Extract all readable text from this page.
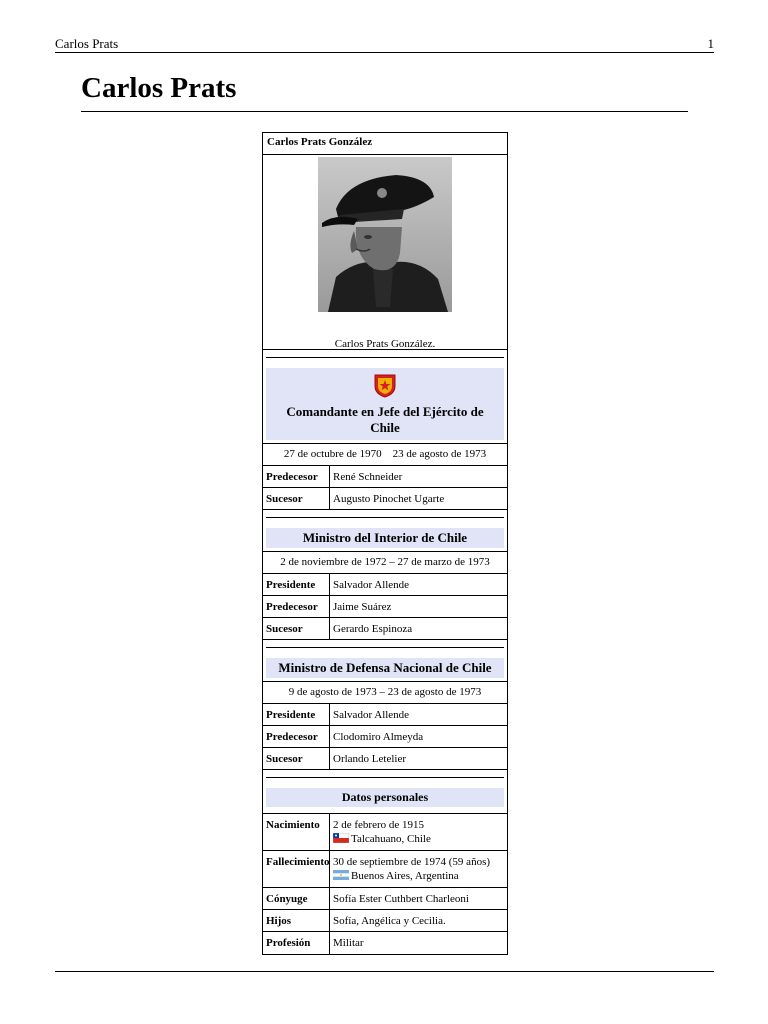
Carlos Prats	1
Carlos Prats
Carlos Prats González
Carlos Prats González.
Comandante en Jefe del Ejército de Chile
27 de octubre de 1970    23 de agosto de 1973
Predecesor	René Schneider
Sucesor	Augusto Pinochet Ugarte
Ministro del Interior de Chile
2 de noviembre de 1972 – 27 de marzo de 1973
Presidente	Salvador Allende
Predecesor	Jaime Suárez
Sucesor	Gerardo Espinoza
Ministro de Defensa Nacional de Chile
9 de agosto de 1973 – 23 de agosto de 1973
Presidente	Salvador Allende
Predecesor	Clodomiro Almeyda
Sucesor	Orlando Letelier
Datos personales
Nacimiento	2 de febrero de 1915
Talcahuano, Chile
Fallecimiento 30 de septiembre de 1974 (59 años)
Buenos Aires, Argentina
Cónyuge	Sofía Ester Cuthbert Charleoni
Hijos	Sofía, Angélica y Cecilia.
Profesión	Militar
